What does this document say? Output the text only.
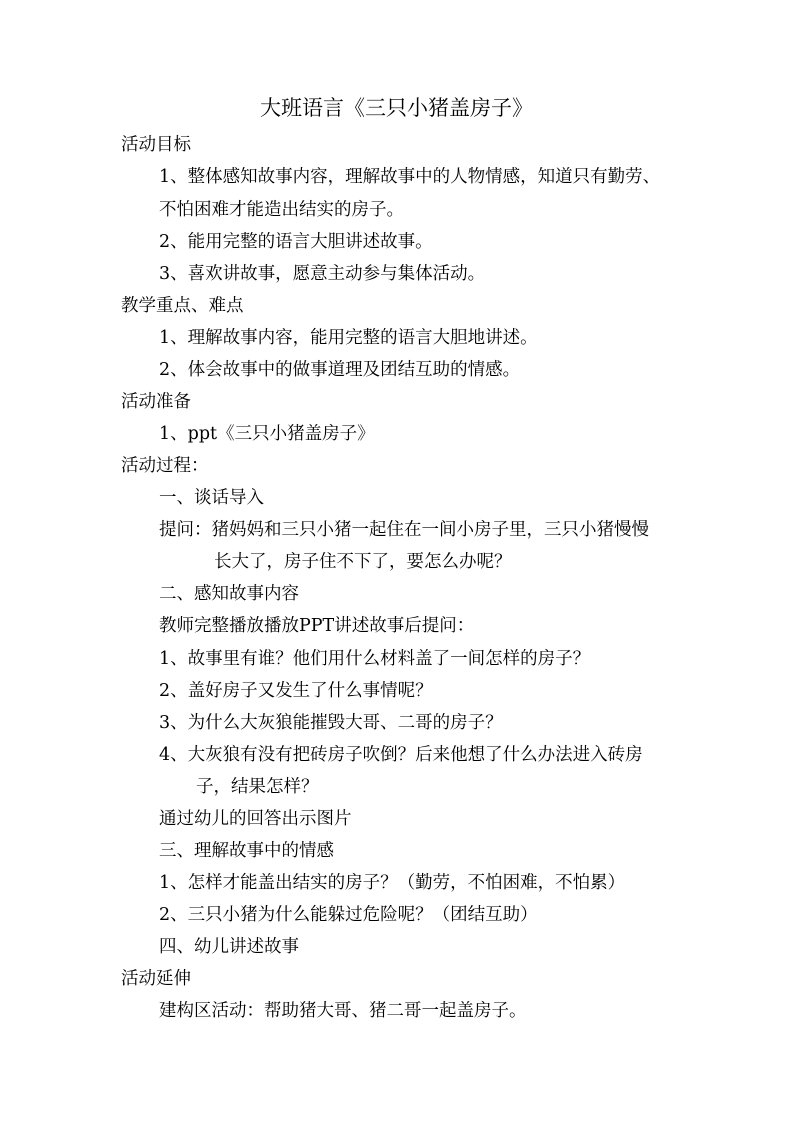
大班语言《三只小猪盖房子》
活动目标
1、整体感知故事内容，理解故事中的人物情感，知道只有勤劳、
不怕困难才能造出结实的房子。
2、能用完整的语言大胆讲述故事。
3、喜欢讲故事，愿意主动参与集体活动。
教学重点、难点
1、理解故事内容，能用完整的语言大胆地讲述。
2、体会故事中的做事道理及团结互助的情感。
活动准备
1、ppt《三只小猪盖房子》
活动过程：
一、谈话导入
提问：猪妈妈和三只小猪一起住在一间小房子里，三只小猪慢慢
长大了，房子住不下了，要怎么办呢？
二、感知故事内容
教师完整播放播放PPT讲述故事后提问：
1、故事里有谁？他们用什么材料盖了一间怎样的房子？
2、盖好房子又发生了什么事情呢？
3、为什么大灰狼能摧毁大哥、二哥的房子？
4、大灰狼有没有把砖房子吹倒？后来他想了什么办法进入砖房
子，结果怎样？
通过幼儿的回答出示图片
三、理解故事中的情感
1、怎样才能盖出结实的房子？（勤劳，不怕困难，不怕累）
2、三只小猪为什么能躲过危险呢？（团结互助）
四、幼儿讲述故事
活动延伸
建构区活动：帮助猪大哥、猪二哥一起盖房子。
